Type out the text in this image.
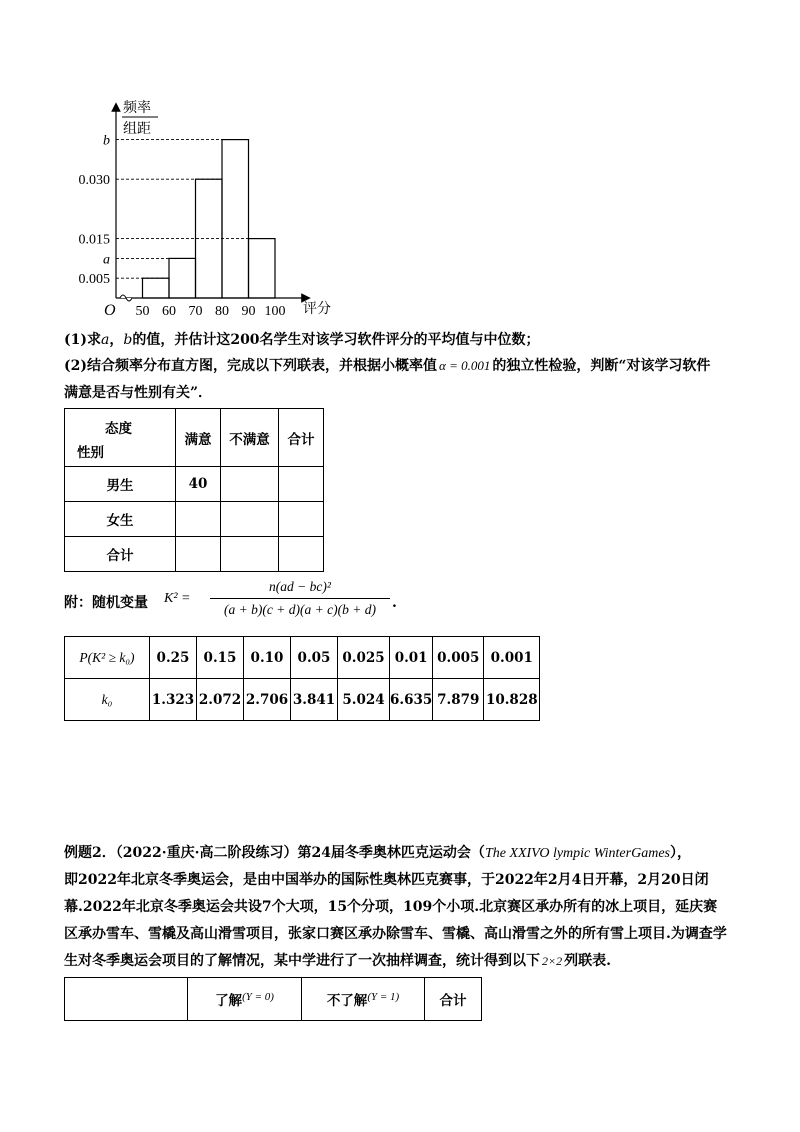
0.005
a
0.015
0.030
b
50 60 70 80 90 100
频率
组距
评分
O
(1)求a，b的值，并估计这200名学生对该学习软件评分的平均值与中位数；
(2)结合频率分布直方图，完成以下列联表，并根据小概率值 α = 0.001 的独立性检验，判断“对该学习软件
满意是否与性别有关”．
态度
性别	满意	不满意	合计
男生	40		
女生			
合计			
附：随机变量 K² =
n(ad − bc)²
(a + b)(c + d)(a + c)(b + d)	.
P(K² ≥ k₀)	0.25	0.15	0.10	0.05	0.025	0.01	0.005	0.001
k₀	1.323	2.072	2.706	3.841	5.024	6.635	7.879	10.828
例题2．（2022·重庆·高二阶段练习）第24届冬季奥林匹克运动会（The XXIVO lympic WinterGames），
即2022年北京冬季奥运会，是由中国举办的国际性奥林匹克赛事，于2022年2月4日开幕，2月20日闭
幕.2022年北京冬季奥运会共设7个大项，15个分项，109个小项.北京赛区承办所有的冰上项目，延庆赛
区承办雪车、雪橇及高山滑雪项目，张家口赛区承办除雪车、雪橇、高山滑雪之外的所有雪上项目.为调查学
生对冬季奥运会项目的了解情况，某中学进行了一次抽样调查，统计得到以下 2×2 列联表.
	了解$^{(Y = 0)}$	不了解$^{(Y = 1)}$	合计
